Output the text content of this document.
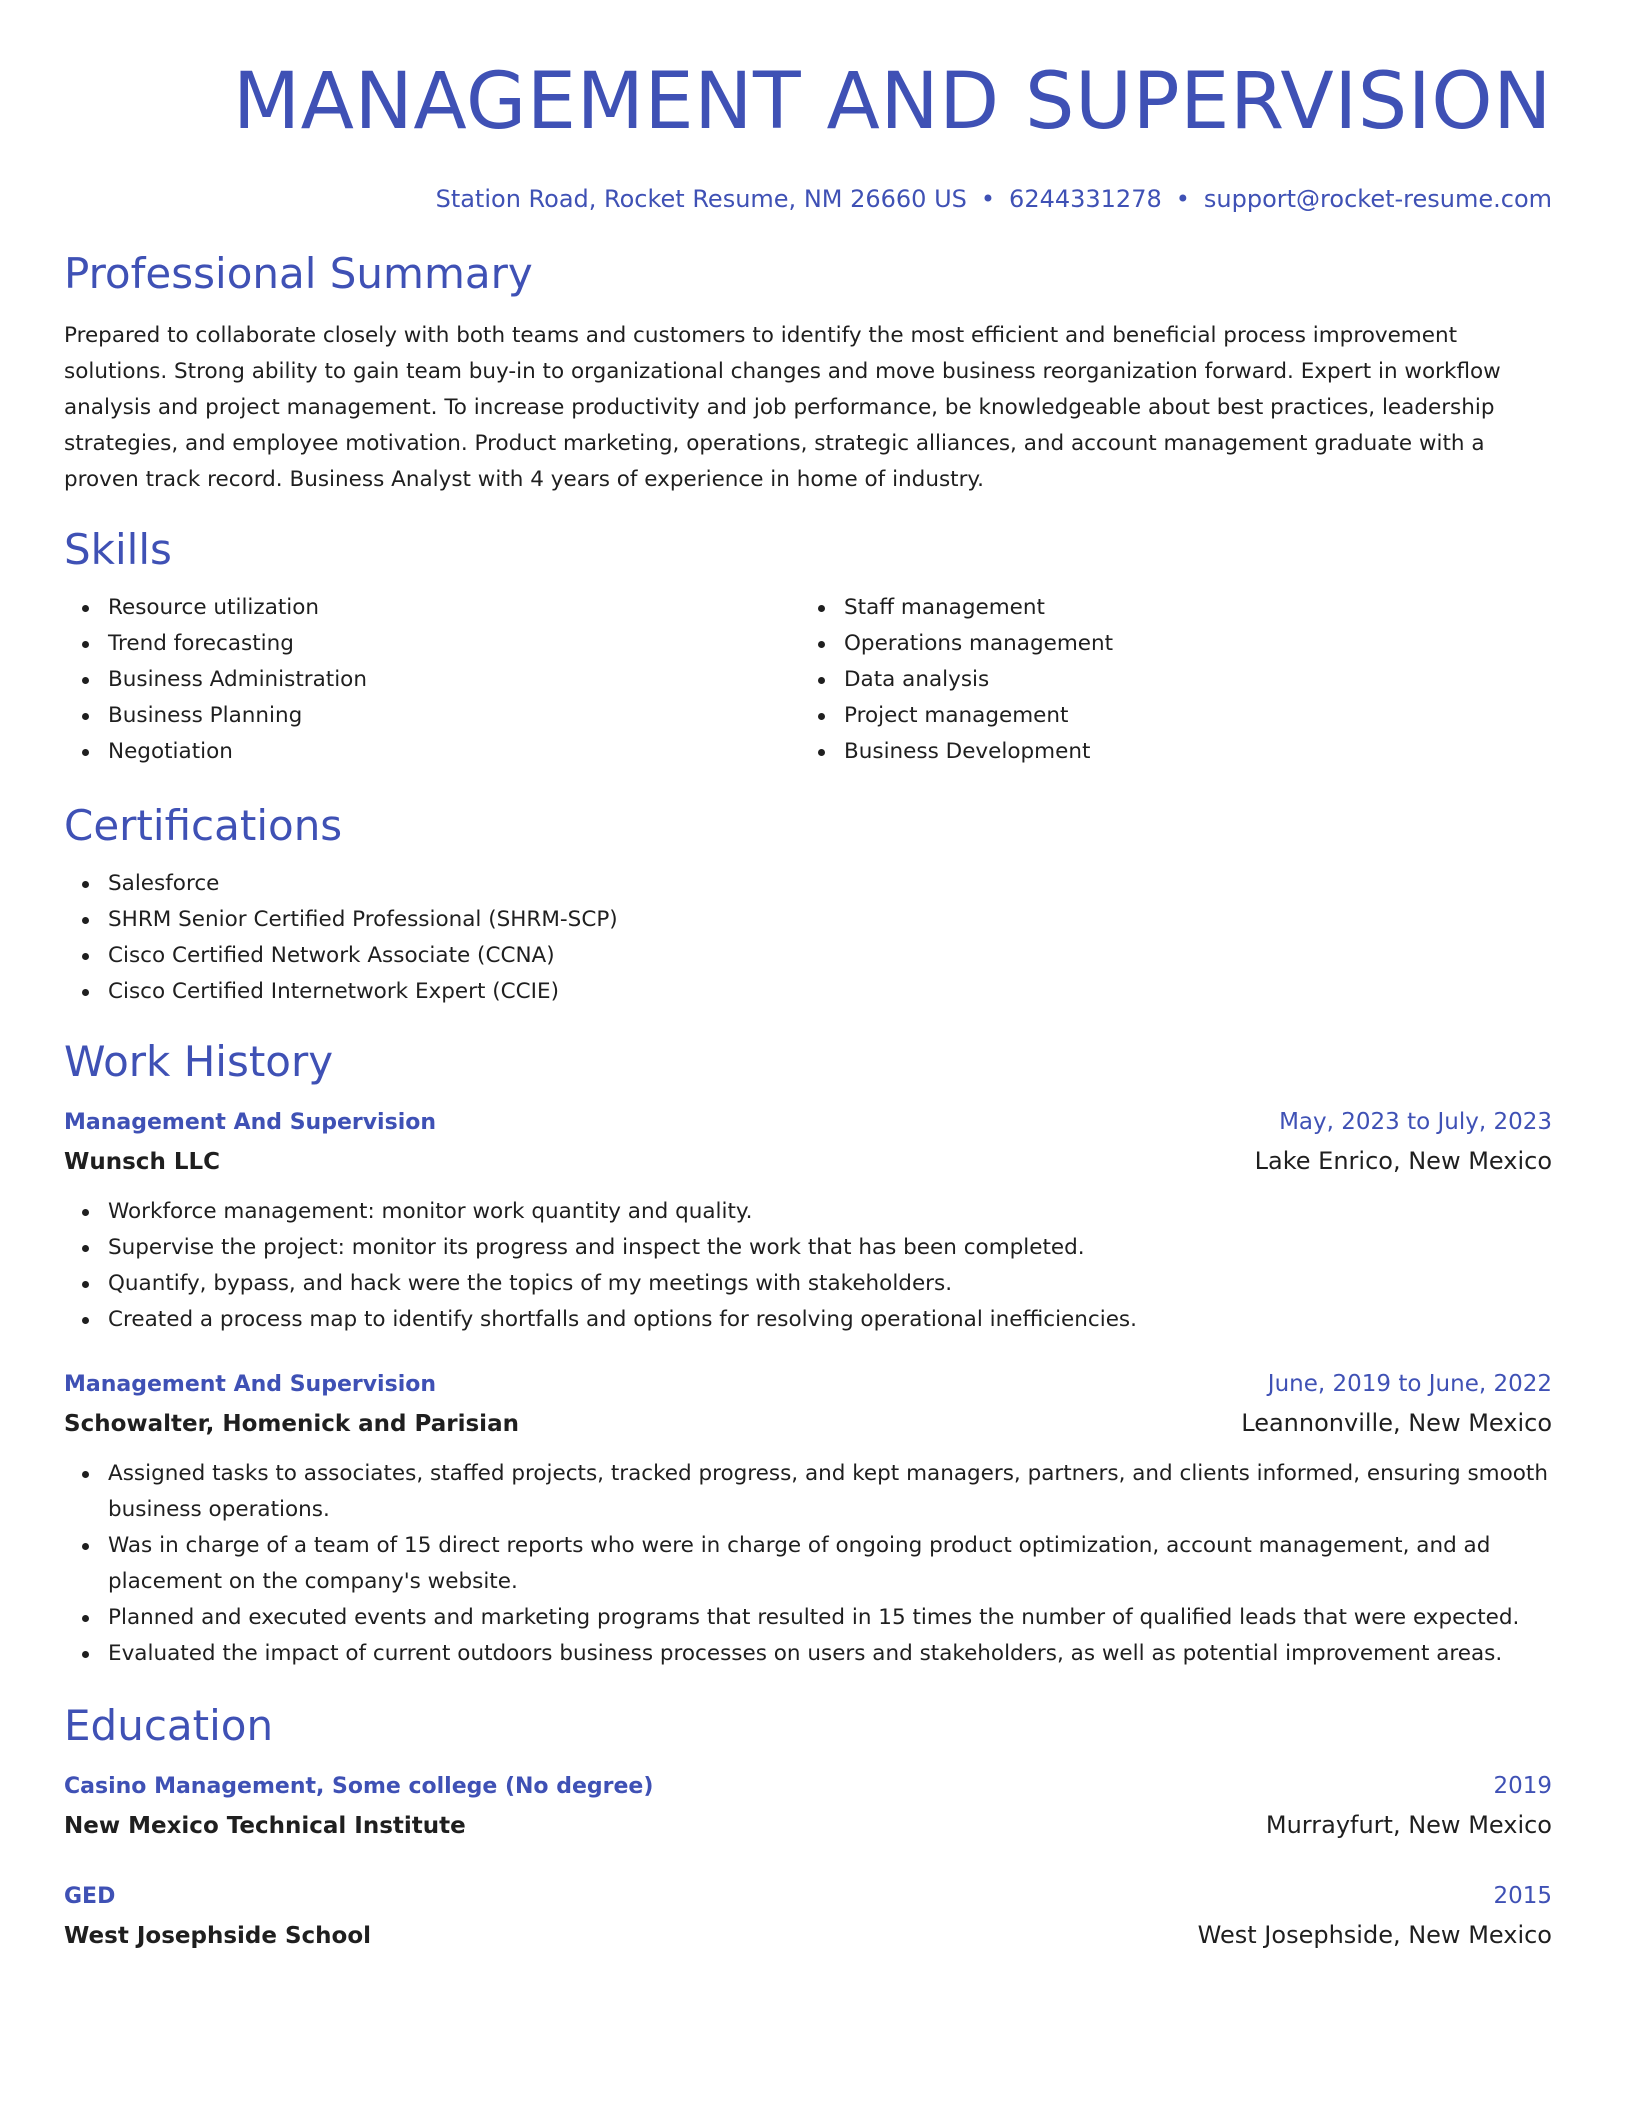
MANAGEMENT AND SUPERVISION
Station Road, Rocket Resume, NM 26660 US • 6244331278 • support@rocket-resume.com
Professional Summary

Prepared to collaborate closely with both teams and customers to identify the most efficient and beneficial process improvement solutions. Strong ability to gain team buy-in to organizational changes and move business reorganization forward. Expert in workflow analysis and project management. To increase productivity and job performance, be knowledgeable about best practices, leadership strategies, and employee motivation. Product marketing, operations, strategic alliances, and account management graduate with a proven track record. Business Analyst with 4 years of experience in home of industry.

Skills
Resource utilization
Trend forecasting
Business Administration
Business Planning
Negotiation
Staff management
Operations management
Data analysis
Project management
Business Development
Certifications
Salesforce
SHRM Senior Certified Professional (SHRM-SCP)
Cisco Certified Network Associate (CCNA)
Cisco Certified Internetwork Expert (CCIE)
Work History
Management And Supervision	May, 2023 to July, 2023
Wunsch LLC	Lake Enrico, New Mexico
Workforce management: monitor work quantity and quality.
Supervise the project: monitor its progress and inspect the work that has been completed.
Quantify, bypass, and hack were the topics of my meetings with stakeholders.
Created a process map to identify shortfalls and options for resolving operational inefficiencies.
Management And Supervision	June, 2019 to June, 2022
Schowalter, Homenick and Parisian	Leannonville, New Mexico
Assigned tasks to associates, staffed projects, tracked progress, and kept managers, partners, and clients informed, ensuring smooth business operations.
Was in charge of a team of 15 direct reports who were in charge of ongoing product optimization, account management, and ad placement on the company's website.
Planned and executed events and marketing programs that resulted in 15 times the number of qualified leads that were expected.
Evaluated the impact of current outdoors business processes on users and stakeholders, as well as potential improvement areas.
Education
Casino Management, Some college (No degree)	2019
New Mexico Technical Institute	Murrayfurt, New Mexico
GED	2015
West Josephside School	West Josephside, New Mexico
